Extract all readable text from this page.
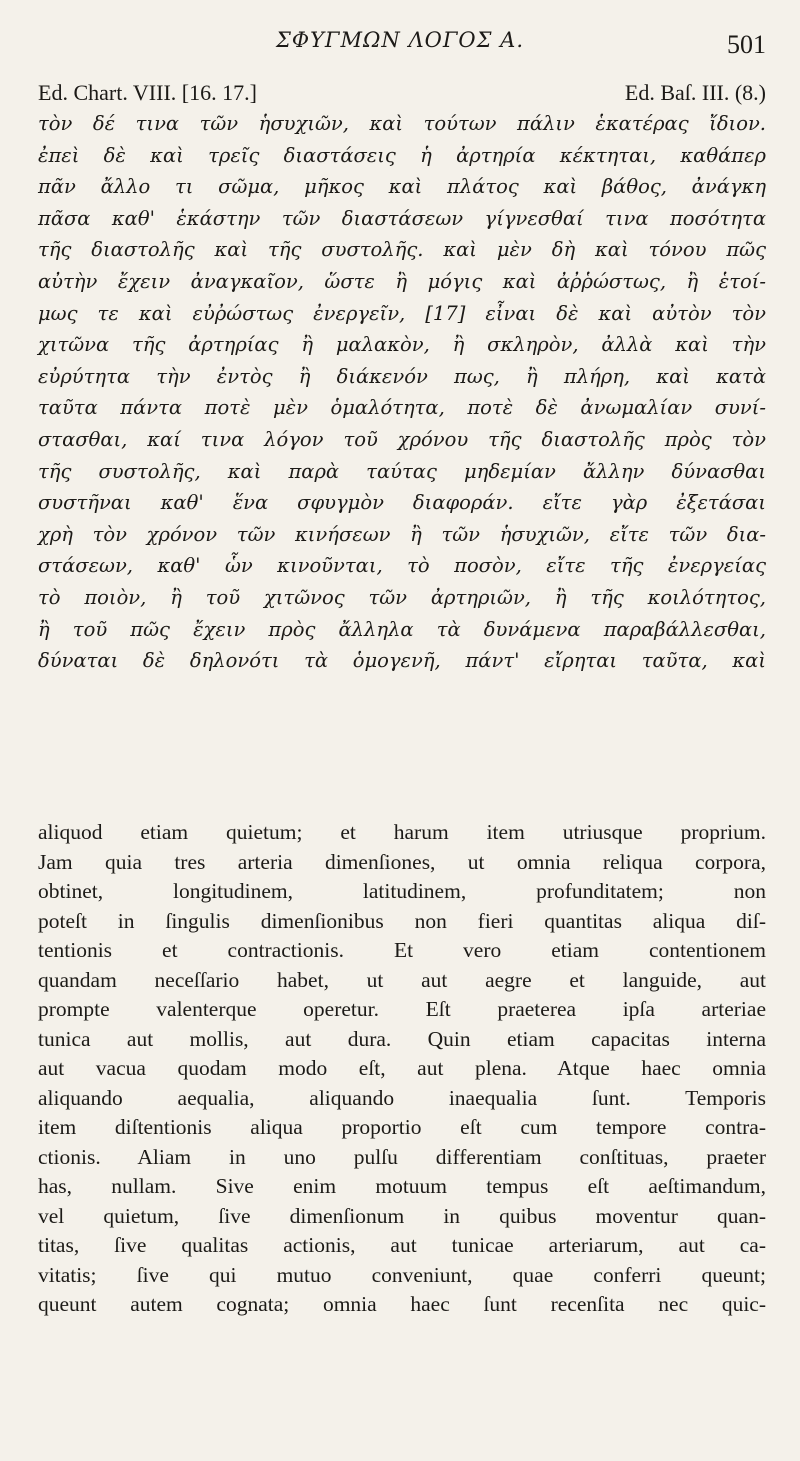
ΣΦΥΓΜΩΝ ΛΟΓΟΣ Α.	501
Ed. Chart. VIII. [16. 17.]	Ed. Baſ. III. (8.)
τὸν δέ τινα τῶν ἡσυχιῶν, καὶ τούτων πάλιν ἑκατέρας ἴδιον.
ἐπεὶ δὲ καὶ τρεῖς διαστάσεις ἡ ἀρτηρία κέκτηται, καθάπερ
πᾶν ἄλλο τι σῶμα, μῆκος καὶ πλάτος καὶ βάθος, ἀνάγκη
πᾶσα καθ' ἑκάστην τῶν διαστάσεων γίγνεσθαί τινα ποσότητα
τῆς διαστολῆς καὶ τῆς συστολῆς. καὶ μὲν δὴ καὶ τόνου πῶς
αὐτὴν ἔχειν ἀναγκαῖον, ὥστε ἢ μόγις καὶ ἀῤῥώστως, ἢ ἑτοί-
μως τε καὶ εὐῤώστως ἐνεργεῖν, [17] εἶναι δὲ καὶ αὐτὸν τὸν
χιτῶνα τῆς ἀρτηρίας ἢ μαλακὸν, ἢ σκληρὸν, ἀλλὰ καὶ τὴν
εὐρύτητα τὴν ἐντὸς ἢ διάκενόν πως, ἢ πλήρη, καὶ κατὰ
ταῦτα πάντα ποτὲ μὲν ὁμαλότητα, ποτὲ δὲ ἀνωμαλίαν συνί-
στασθαι, καί τινα λόγον τοῦ χρόνου τῆς διαστολῆς πρὸς τὸν
τῆς συστολῆς, καὶ παρὰ ταύτας μηδεμίαν ἄλλην δύνασθαι
συστῆναι καθ' ἕνα σφυγμὸν διαφοράν. εἴτε γὰρ ἐξετάσαι
χρὴ τὸν χρόνον τῶν κινήσεων ἢ τῶν ἡσυχιῶν, εἴτε τῶν δια-
στάσεων, καθ' ὧν κινοῦνται, τὸ ποσὸν, εἴτε τῆς ἐνεργείας
τὸ ποιὸν, ἢ τοῦ χιτῶνος τῶν ἀρτηριῶν, ἢ τῆς κοιλότητος,
ἢ τοῦ πῶς ἔχειν πρὸς ἄλληλα τὰ δυνάμενα παραβάλλεσθαι,
δύναται δὲ δηλονότι τὰ ὁμογενῆ, πάντ' εἴρηται ταῦτα, καὶ
aliquod etiam quietum; et harum item utriusque proprium.
Jam quia tres arteria dimenſiones, ut omnia reliqua corpora,
obtinet, longitudinem, latitudinem, profunditatem; non
poteſt in ſingulis dimenſionibus non fieri quantitas aliqua diſ-
tentionis et contractionis. Et vero etiam contentionem
quandam neceſſario habet, ut aut aegre et languide, aut
prompte valenterque operetur. Eſt praeterea ipſa arteriae
tunica aut mollis, aut dura. Quin etiam capacitas interna
aut vacua quodam modo eſt, aut plena. Atque haec omnia
aliquando aequalia, aliquando inaequalia ſunt. Temporis
item diſtentionis aliqua proportio eſt cum tempore contra-
ctionis. Aliam in uno pulſu differentiam conſtituas, praeter
has, nullam. Sive enim motuum tempus eſt aeſtimandum,
vel quietum, ſive dimenſionum in quibus moventur quan-
titas, ſive qualitas actionis, aut tunicae arteriarum, aut ca-
vitatis; ſive qui mutuo conveniunt, quae conferri queunt;
queunt autem cognata; omnia haec ſunt recenſita nec quic-
